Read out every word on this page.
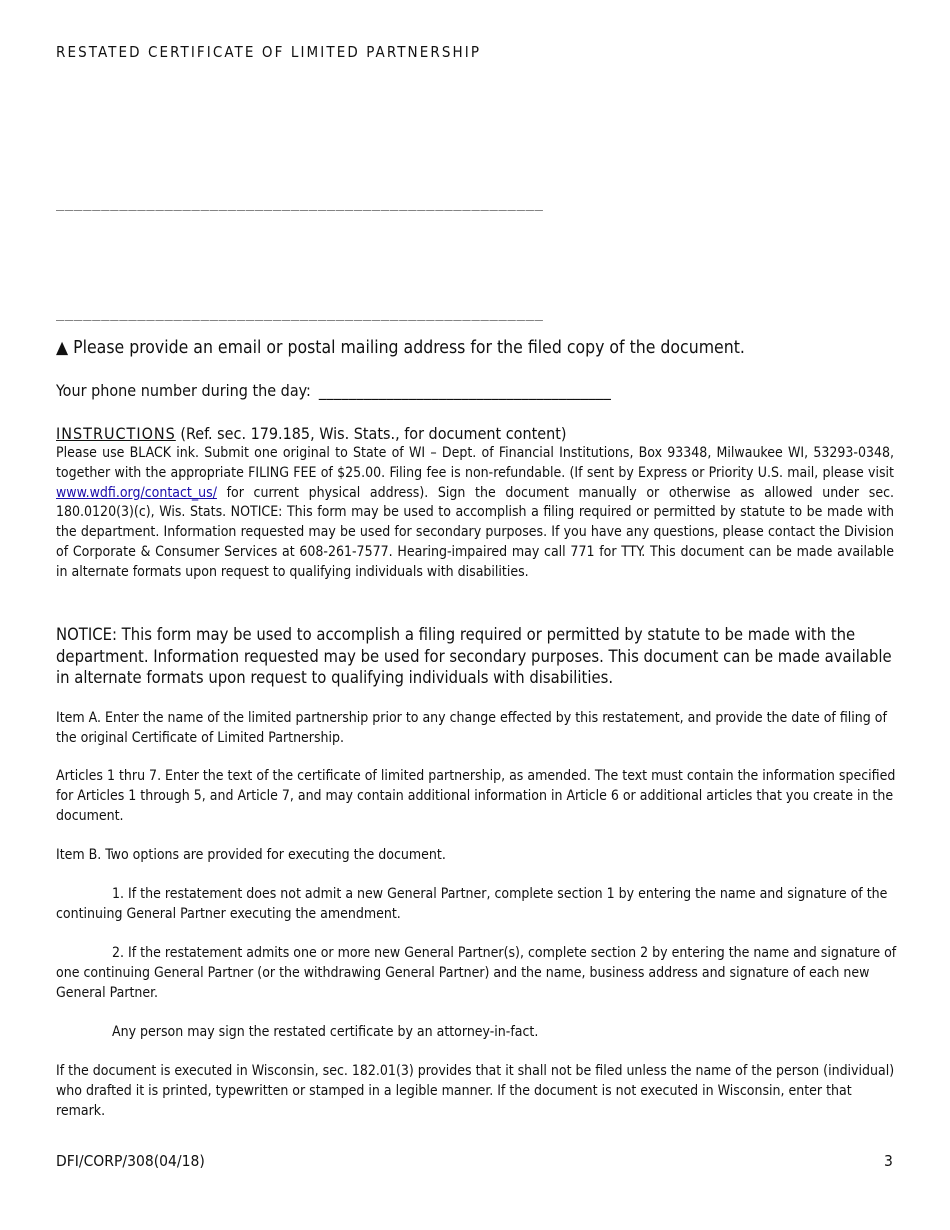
RESTATED CERTIFICATE OF LIMITED PARTNERSHIP
______________________________________________________
______________________________________________________
▲ Please provide an email or postal mailing address for the filed copy of the document.
Your phone number during the day: _______________________________________
INSTRUCTIONS (Ref. sec. 179.185, Wis. Stats., for document content)
Please use BLACK ink. Submit one original to State of WI – Dept. of Financial Institutions, Box 93348, Milwaukee WI, 53293-0348, together with the appropriate FILING FEE of $25.00. Filing fee is non-refundable. (If sent by Express or Priority U.S. mail, please visit www.wdfi.org/contact_us/ for current physical address). Sign the document manually or otherwise as allowed under sec. 180.0120(3)(c), Wis. Stats. NOTICE: This form may be used to accomplish a filing required or permitted by statute to be made with the department. Information requested may be used for secondary purposes. If you have any questions, please contact the Division of Corporate & Consumer Services at 608-261-7577. Hearing-impaired may call 771 for TTY. This document can be made available in alternate formats upon request to qualifying individuals with disabilities.
NOTICE: This form may be used to accomplish a filing required or permitted by statute to be made with the department. Information requested may be used for secondary purposes. This document can be made available in alternate formats upon request to qualifying individuals with disabilities.
Item A. Enter the name of the limited partnership prior to any change effected by this restatement, and provide the date of filing of the original Certificate of Limited Partnership.
Articles 1 thru 7. Enter the text of the certificate of limited partnership, as amended. The text must contain the information specified for Articles 1 through 5, and Article 7, and may contain additional information in Article 6 or additional articles that you create in the document.
Item B. Two options are provided for executing the document.
1. If the restatement does not admit a new General Partner, complete section 1 by entering the name and signature of the continuing General Partner executing the amendment.
2. If the restatement admits one or more new General Partner(s), complete section 2 by entering the name and signature of one continuing General Partner (or the withdrawing General Partner) and the name, business address and signature of each new General Partner.
Any person may sign the restated certificate by an attorney-in-fact.
If the document is executed in Wisconsin, sec. 182.01(3) provides that it shall not be filed unless the name of the person (individual) who drafted it is printed, typewritten or stamped in a legible manner. If the document is not executed in Wisconsin, enter that remark.
DFI/CORP/308(04/18)	3
